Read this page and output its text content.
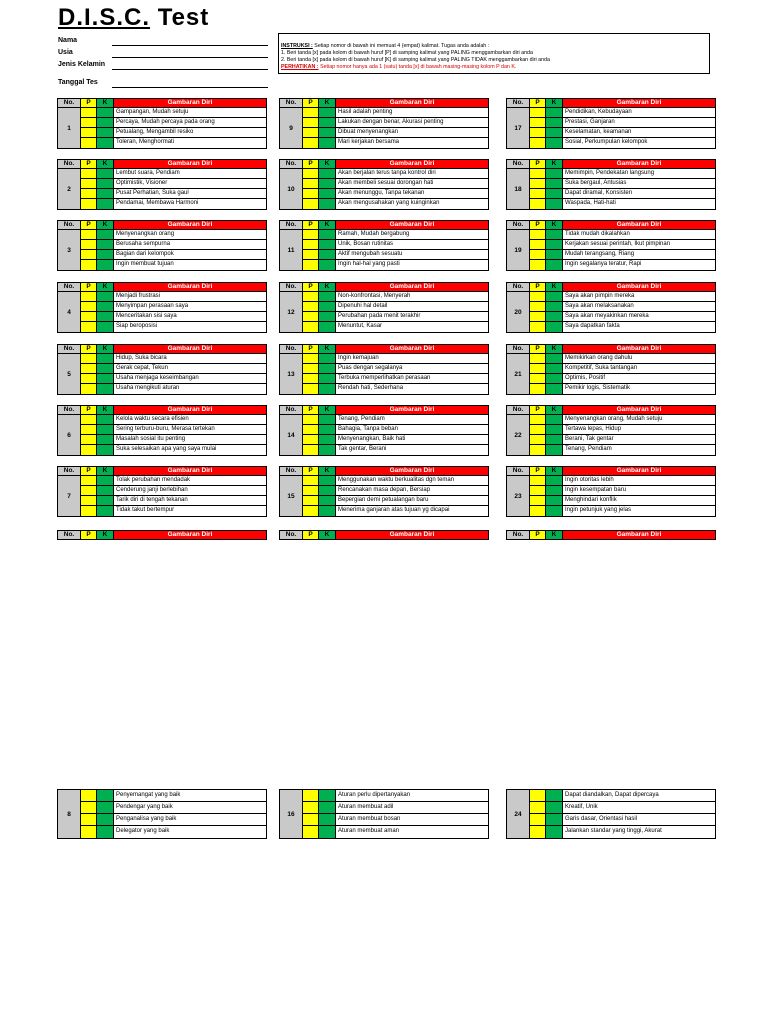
D.I.S.C. Test
Nama
Usia
Jenis Kelamin
Tanggal Tes
INSTRUKSI : Setiap nomor di bawah ini memuat 4 (empat) kalimat. Tugas anda adalah :
1. Beri tanda [x] pada kolom di bawah huruf [P] di samping kalimat yang PALING menggambarkan diri anda
2. Beri tanda [x] pada kolom di bawah huruf [K] di samping kalimat yang PALING TIDAK menggambarkan diri anda
PERHATIKAN : Setiap nomor hanya ada 1 (satu) tanda [x] di bawah masing-masing kolom P dan K.
No.	P	K	Gambaran Diri
1
Gampangan, Mudah setuju
Percaya, Mudah percaya pada orang
Petualang, Mengambil resiko
Toleran, Menghormati
No.	P	K	Gambaran Diri
2
Lembut suara, Pendiam
Optimistik, Visioner
Pusat Perhatian, Suka gaul
Pendamai, Membawa Harmoni
No.	P	K	Gambaran Diri
3
Menyenangkan orang
Berusaha sempurna
Bagian dari kelompok
Ingin membuat tujuan
No.	P	K	Gambaran Diri
4
Menjadi frustrasi
Menyimpan perasaan saya
Menceritakan sisi saya
Siap beroposisi
No.	P	K	Gambaran Diri
5
Hidup, Suka bicara
Gerak cepat, Tekun
Usaha menjaga keseimbangan
Usaha mengikuti aturan
No.	P	K	Gambaran Diri
6
Kelola waktu secara efisien
Sering terburu-buru, Merasa tertekan
Masalah sosial itu penting
Suka selesaikan apa yang saya mulai
No.	P	K	Gambaran Diri
7
Tolak perubahan mendadak
Cenderung janji berlebihan
Tarik diri di tengah tekanan
Tidak takut bertempur
No.	P	K	Gambaran Diri
8
Penyemangat yang baik
Pendengar yang baik
Penganalisa yang baik
Delegator yang baik
No.	P	K	Gambaran Diri
9
Hasil adalah penting
Lakukan dengan benar, Akurasi penting
Dibuat menyenangkan
Mari kerjakan bersama
No.	P	K	Gambaran Diri
10
Akan berjalan terus tanpa kontrol diri
Akan membeli sesuai dorongan hati
Akan menunggu, Tanpa tekanan
Akan mengusahakan yang kuinginkan
No.	P	K	Gambaran Diri
11
Ramah, Mudah bergabung
Unik, Bosan rutinitas
Aktif mengubah sesuatu
Ingin hal-hal yang pasti
No.	P	K	Gambaran Diri
12
Non-konfrontasi, Menyerah
Dipenuhi hal detail
Perubahan pada menit terakhir
Menuntut, Kasar
No.	P	K	Gambaran Diri
13
Ingin kemajuan
Puas dengan segalanya
Terbuka memperlihatkan perasaan
Rendah hati, Sederhana
No.	P	K	Gambaran Diri
14
Tenang, Pendiam
Bahagia, Tanpa beban
Menyenangkan, Baik hati
Tak gentar, Berani
No.	P	K	Gambaran Diri
15
Menggunakan waktu berkualitas dgn teman
Rencanakan masa depan, Bersiap
Bepergian demi petualangan baru
Menerima ganjaran atas tujuan yg dicapai
No.	P	K	Gambaran Diri
16
Aturan perlu dipertanyakan
Aturan membuat adil
Aturan membuat bosan
Aturan membuat aman
No.	P	K	Gambaran Diri
17
Pendidikan, Kebudayaan
Prestasi, Ganjaran
Keselamatan, keamanan
Sosial, Perkumpulan kelompok
No.	P	K	Gambaran Diri
18
Memimpin, Pendekatan langsung
Suka bergaul, Antusias
Dapat diramal, Konsisten
Waspada, Hati-hati
No.	P	K	Gambaran Diri
19
Tidak mudah dikalahkan
Kerjakan sesuai perintah, Ikut pimpinan
Mudah terangsang, Riang
Ingin segalanya teratur, Rapi
No.	P	K	Gambaran Diri
20
Saya akan pimpin mereka
Saya akan melaksanakan
Saya akan meyakinkan mereka
Saya dapatkan fakta
No.	P	K	Gambaran Diri
21
Memikirkan orang dahulu
Kompetitif, Suka tantangan
Optimis, Positif
Pemikir logis, Sistematik
No.	P	K	Gambaran Diri
22
Menyenangkan orang, Mudah setuju
Tertawa lepas, Hidup
Berani, Tak gentar
Tenang, Pendiam
No.	P	K	Gambaran Diri
23
Ingin otoritas lebih
Ingin kesempatan baru
Menghindari konflik
Ingin petunjuk yang jelas
No.	P	K	Gambaran Diri
24
Dapat diandalkan, Dapat dipercaya
Kreatif, Unik
Garis dasar, Orientasi hasil
Jalankan standar yang tinggi, Akurat
